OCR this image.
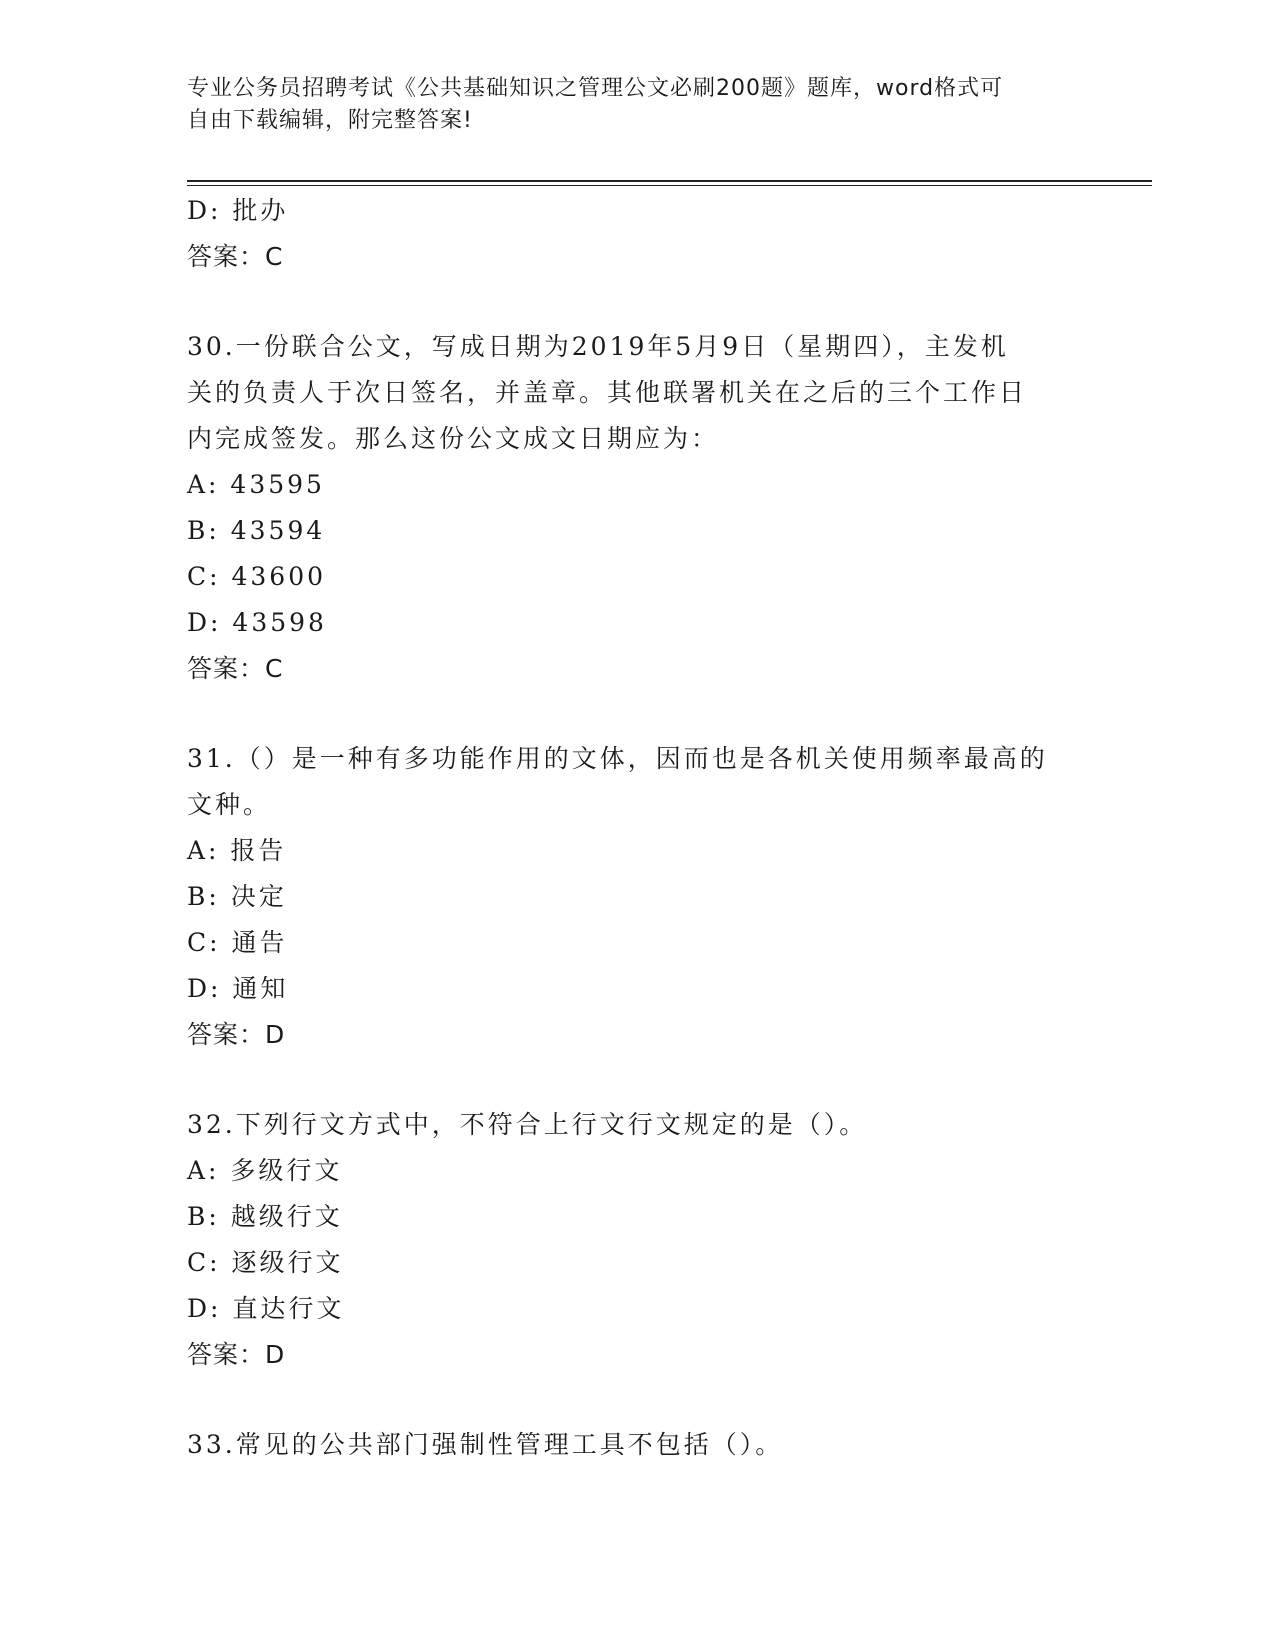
专业公务员招聘考试《公共基础知识之管理公文必刷200题》题库，word格式可
自由下载编辑，附完整答案!
D: 批办
答案：C
30.一份联合公文，写成日期为2019年5月9日（星期四），主发机
关的负责人于次日签名，并盖章。其他联署机关在之后的三个工作日
内完成签发。那么这份公文成文日期应为：
A: 43595
B: 43594
C: 43600
D: 43598
答案：C
31.（）是一种有多功能作用的文体，因而也是各机关使用频率最高的
文种。
A: 报告
B: 决定
C: 通告
D: 通知
答案：D
32.下列行文方式中，不符合上行文行文规定的是（）。
A: 多级行文
B: 越级行文
C: 逐级行文
D: 直达行文
答案：D
33.常见的公共部门强制性管理工具不包括（）。
